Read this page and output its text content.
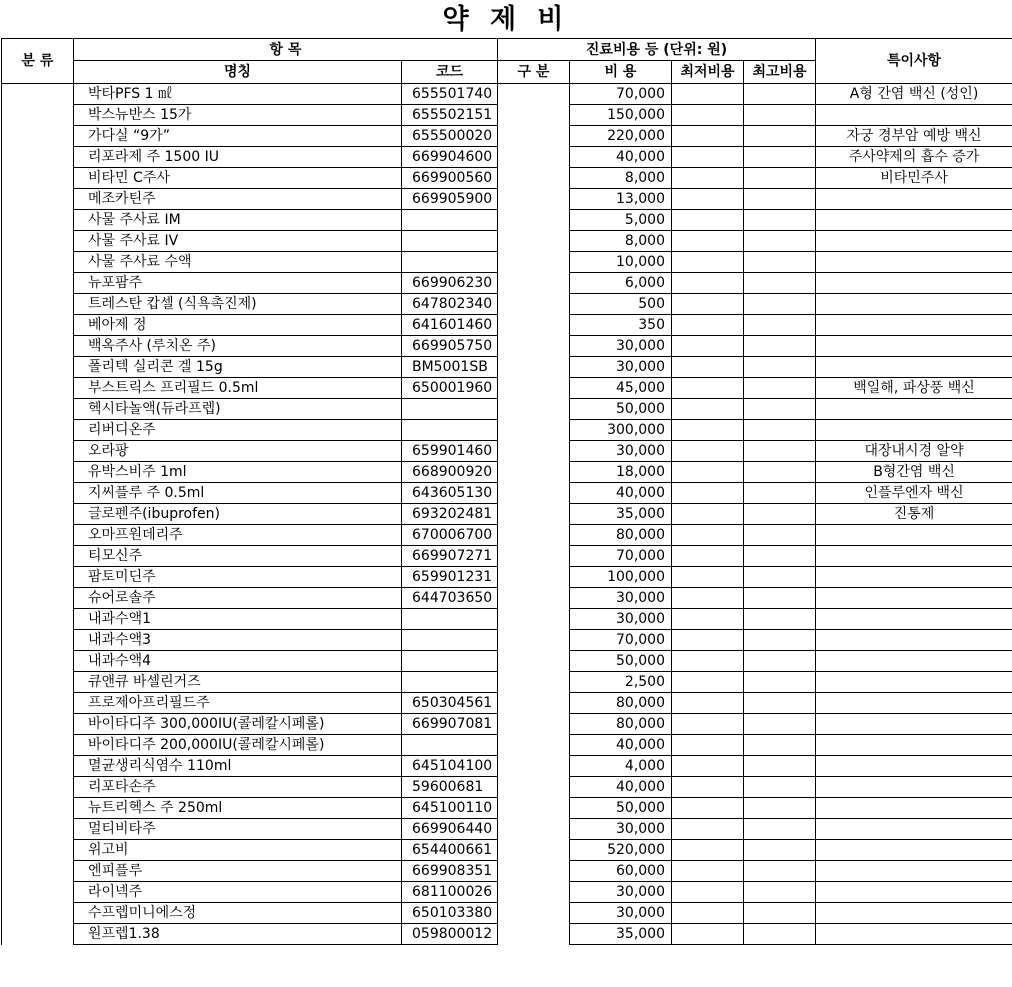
약 제 비
분 류	항 목		진료비용 등 (단위: 원)				특이사항
	명칭	코드	구 분	비 용	최저비용	최고비용	
	박타PFS 1 ㎖	655501740		70,000			A형 간염 백신 (성인)
	박스뉴반스 15가	655502151		150,000			
	가다실 “9가”	655500020		220,000			자궁 경부암 예방 백신
	리포라제 주 1500 IU	669904600		40,000			주사약제의 흡수 증가
	비타민 C주사	669900560		8,000			비타민주사
	메조카틴주	669905900		13,000			
	사물 주사료 IM			5,000			
	사물 주사료 IV			8,000			
	사물 주사료 수액			10,000			
	뉴포팜주	669906230		6,000			
	트레스탄 캅셀 (식욕촉진제)	647802340		500			
	베아제 정	641601460		350			
	백옥주사 (루치온 주)	669905750		30,000			
	폴리텍 실리콘 겔 15g	BM5001SB		30,000			
	부스트릭스 프리필드 0.5ml	650001960		45,000			백일해, 파상풍 백신
	헥시타놀액(듀라프렙)			50,000			
	리버디온주			300,000			
	오라팡	659901460		30,000			대장내시경 알약
	유박스비주 1ml	668900920		18,000			B형간염 백신
	지씨플루 주 0.5ml	643605130		40,000			인플루엔자 백신
	글로펜주(ibuprofen)	693202481		35,000			진통제
	오마프원데리주	670006700		80,000			
	티모신주	669907271		70,000			
	팜토미딘주	659901231		100,000			
	슈어로솔주	644703650		30,000			
	내과수액1			30,000			
	내과수액3			70,000			
	내과수액4			50,000			
	큐앤큐 바셀린거즈			2,500			
	프로제아프리필드주	650304561		80,000			
	바이타디주 300,000IU(콜레칼시페롤)	669907081		80,000			
	바이타디주 200,000IU(콜레칼시페롤)			40,000			
	멸균생리식염수 110ml	645104100		4,000			
	리포타손주	59600681		40,000			
	뉴트리헥스 주 250ml	645100110		50,000			
	멀티비타주	669906440		30,000			
	위고비	654400661		520,000			
	엔피플루	669908351		60,000			
	라이넥주	681100026		30,000			
	수프렙미니에스정	650103380		30,000			
	원프렙1.38	059800012		35,000			
